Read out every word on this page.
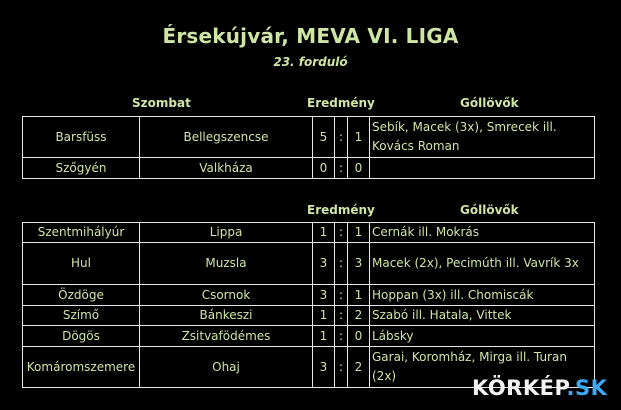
Érsekújvár, MEVA VI. LIGA
23. forduló
Szombat	Eredmény	Góllövők
Barsfüss	Bellegszencse	5	:	1	Sebík, Macek (3x), Smrecek ill. Kovács Roman
Szőgyén	Valkháza	0	:	0	
Eredmény	Góllövők
Szentmihályúr	Lippa	1	:	1	Cernák ill. Mokrás
Hul	Muzsla	3	:	3	Macek (2x), Pecimúth ill. Vavrík 3x
Özdöge	Csornok	3	:	1	Hoppan (3x) ill. Chomiscák
Szímő	Bánkeszi	1	:	2	Szabó ill. Hatala, Vittek
Dögös	Zsitvafödémes	1	:	0	Lábsky
Komáromszemere	Ohaj	3	:	2	Garai, Koromház, Mirga ill. Turan (2x)	KÖRKÉP.SK
